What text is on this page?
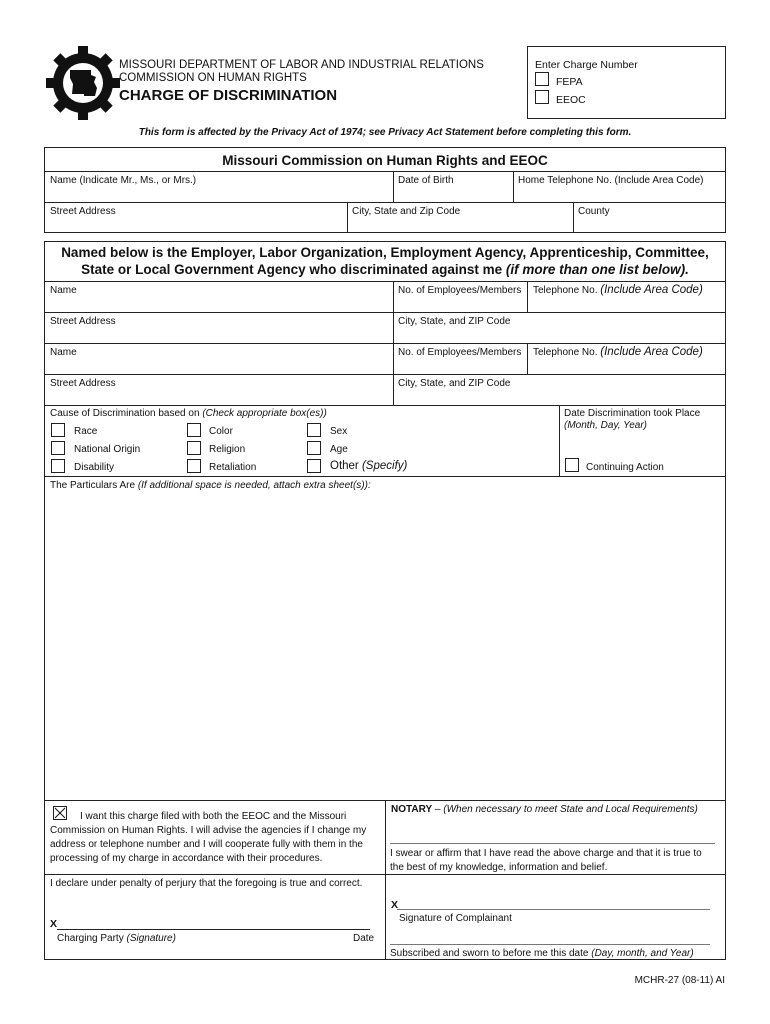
MISSOURI DEPARTMENT OF LABOR AND INDUSTRIAL RELATIONS
COMMISSION ON HUMAN RIGHTS
CHARGE OF DISCRIMINATION
Enter Charge Number
FEPA
EEOC
This form is affected by the Privacy Act of 1974; see Privacy Act Statement before completing this form.
Missouri Commission on Human Rights and EEOC
Name (Indicate Mr., Ms., or Mrs.)	Date of Birth	Home Telephone No. (Include Area Code)
Street Address	City, State and Zip Code	County
Named below is the Employer, Labor Organization, Employment Agency, Apprenticeship, Committee,
State or Local Government Agency who discriminated against me (if more than one list below).
Name	No. of Employees/Members Telephone No. (Include Area Code)
Street Address	City, State, and ZIP Code
Name	No. of Employees/Members Telephone No. (Include Area Code)
Street Address	City, State, and ZIP Code
Cause of Discrimination based on (Check appropriate box(es))
Race	Color	Sex
National Origin	Religion	Age
Disability	Retaliation	Other (Specify)
Date Discrimination took Place
(Month, Day, Year)
Continuing Action
The Particulars Are (If additional space is needed, attach extra sheet(s)):
I want this charge filed with both the EEOC and the Missouri
Commission on Human Rights. I will advise the agencies if I change my
address or telephone number and I will cooperate fully with them in the
processing of my charge in accordance with their procedures.
I declare under penalty of perjury that the foregoing is true and correct.
X
Charging Party (Signature)	Date
NOTARY – (When necessary to meet State and Local Requirements)
I swear or affirm that I have read the above charge and that it is true to
the best of my knowledge, information and belief.
X
Signature of Complainant
Subscribed and sworn to before me this date (Day, month, and Year)
MCHR-27 (08-11) AI
